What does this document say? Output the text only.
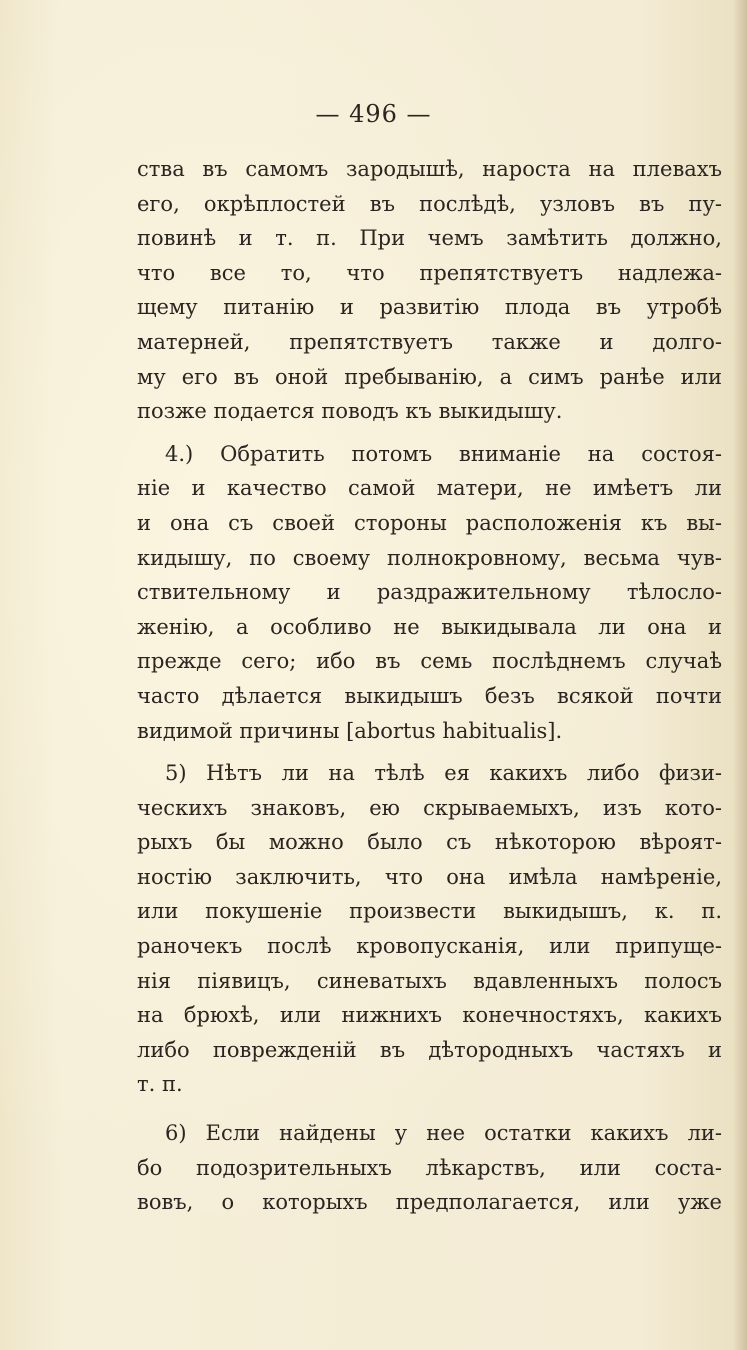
— 496 —
ства въ самомъ зародышѣ, нароста на плевахъ
его, окрѣплостей въ послѣдѣ, узловъ въ пу-
повинѣ и т. п. При чемъ замѣтить должно,
что все то, что препятствуетъ надлежа-
щему питанію и развитію плода въ утробѣ
матерней, препятствуетъ также и долго-
му его въ оной пребыванію, а симъ ранѣе или
позже подается поводъ къ выкидышу.
4.) Обратить потомъ вниманіе на состоя-
ніе и качество самой матери, не имѣетъ ли
и она съ своей стороны расположенія къ вы-
кидышу, по своему полнокровному, весьма чув-
ствительному и раздражительному тѣлосло-
женію, а особливо не выкидывала ли она и
прежде сего; ибо въ семь послѣднемъ случаѣ
часто дѣлается выкидышъ безъ всякой почти
видимой причины [abortus habitualis].
5) Нѣтъ ли на тѣлѣ ея какихъ либо физи-
ческихъ знаковъ, ею скрываемыхъ, изъ кото-
рыхъ бы можно было съ нѣкоторою вѣроят-
ностію заключить, что она имѣла намѣреніе,
или покушеніе произвести выкидышъ, к. п.
ранoчекъ послѣ кровопусканія, или припуще-
нія піявицъ, синеватыхъ вдавленныхъ полосъ
на брюхѣ, или нижнихъ конечностяхъ, какихъ
либо поврежденій въ дѣтородныхъ частяхъ и
т. п.
6) Если найдены у нее остатки какихъ ли-
бо подозрительныхъ лѣкарствъ, или соста-
вовъ, о которыхъ предполагается, или уже
